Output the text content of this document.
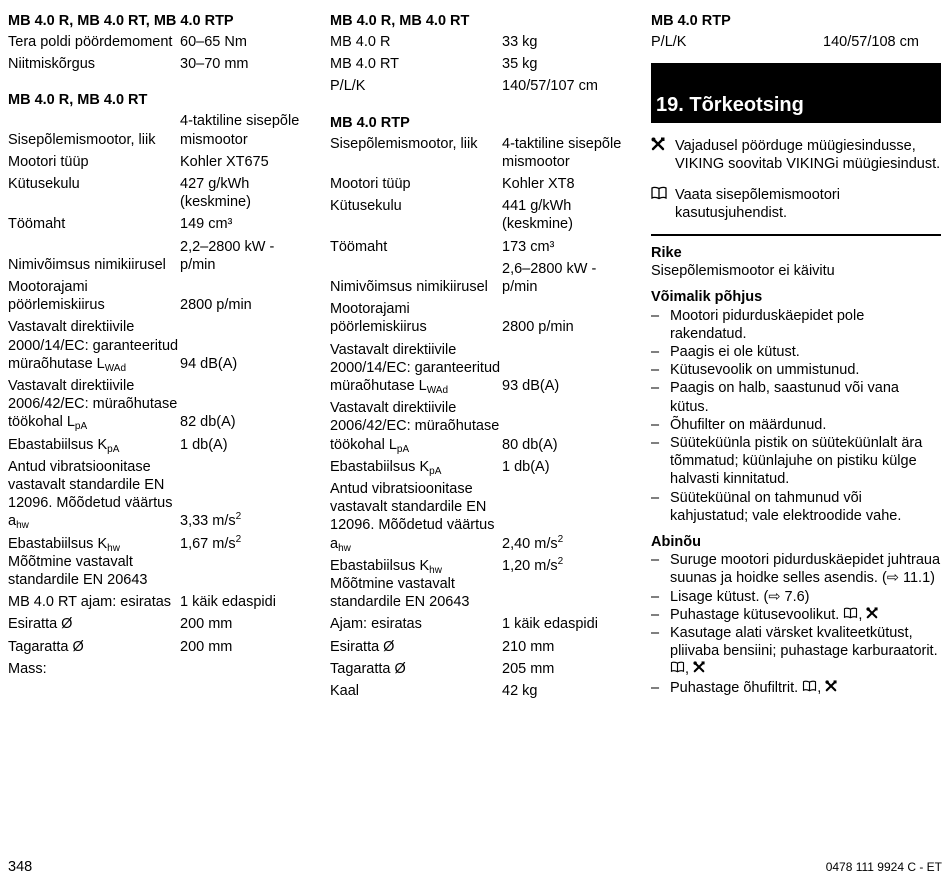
MB 4.0 R, MB 4.0 RT, MB 4.0 RTP
Tera poldi pöördemoment	60–65 Nm
Niitmiskõrgus	30–70 mm
MB 4.0 R, MB 4.0 RT
Sisepõlemismootor, liik	4-taktiline sisepõlemismootor
Mootori tüüp	Kohler XT675
Kütusekulu	427 g/kWh (keskmine)
Töömaht	149 cm³
Nimivõimsus nimikiirusel	2,2–2800 kW - p/min
Mootorajami pöörlemiskiirus	2800 p/min
Vastavalt direktiivile 2000/14/EC: garanteeritud müraõhutase $L_{WAd}$	94 dB(A)
Vastavalt direktiivile 2006/42/EC: müraõhutase töökohal $L_{pA}$	82 db(A)
Ebastabiilsus $K_{pA}$	1 db(A)
Antud vibratsioonitase vastavalt standardile EN 12096. Mõõdetud väärtus $a_{hw}$	3,33 $m/s^2$
Ebastabiilsus $K_{hw}$	1,67 $m/s^2$
Mõõtmine vastavalt standardile EN 20643	
MB 4.0 RT ajam: esiratas	1 käik edaspidi
Esiratta Ø	200 mm
Tagaratta Ø	200 mm
Mass:	
MB 4.0 R, MB 4.0 RT
MB 4.0 R	33 kg
MB 4.0 RT	35 kg
P/L/K	140/57/107 cm
MB 4.0 RTP
Sisepõlemismootor, liik	4-taktiline sisepõlemismootor
Mootori tüüp	Kohler XT8
Kütusekulu	441 g/kWh (keskmine)
Töömaht	173 cm³
Nimivõimsus nimikiirusel	2,6–2800 kW - p/min
Mootorajami pöörlemiskiirus	2800 p/min
Vastavalt direktiivile 2000/14/EC: garanteeritud müraõhutase $L_{WAd}$	93 dB(A)
Vastavalt direktiivile 2006/42/EC: müraõhutase töökohal $L_{pA}$	80 db(A)
Ebastabiilsus $K_{pA}$	1 db(A)
Antud vibratsioonitase vastavalt standardile EN 12096. Mõõdetud väärtus $a_{hw}$	2,40 $m/s^2$
Ebastabiilsus $K_{hw}$	1,20 $m/s^2$
Mõõtmine vastavalt standardile EN 20643	
Ajam: esiratas	1 käik edaspidi
Esiratta Ø	210 mm
Tagaratta Ø	205 mm
Kaal	42 kg
MB 4.0 RTP
P/L/K	140/57/108 cm
19. Tõrkeotsing
Vajadusel pöörduge müügiesindusse, VIKING soovitab VIKINGi müügiesindust.
Vaata sisepõlemismootori kasutusjuhendist.
Rike
Sisepõlemismootor ei käivitu
Võimalik põhjus
– Mootori pidurduskäepidet pole rakendatud.
– Paagis ei ole kütust.
– Kütusevoolik on ummistunud.
– Paagis on halb, saastunud või vana kütus.
– Õhufilter on määrdunud.
– Süüteküünla pistik on süüteküünlalt ära tõmmatud; küünlajuhe on pistiku külge halvasti kinnitatud.
– Süüteküünal on tahmunud või kahjustatud; vale elektroodide vahe.
Abinõu
– Suruge mootori pidurduskäepidet juhtraua suunas ja hoidke selles asendis. (⇨ 11.1)
– Lisage kütust. (⇨ 7.6)
– Puhastage kütusevoolikut. ,
– Kasutage alati värsket kvaliteetkütust, pliivaba bensiini; puhastage karburaatorit. ,
– Puhastage õhufiltrit. ,
348	0478 111 9924 C - ET
